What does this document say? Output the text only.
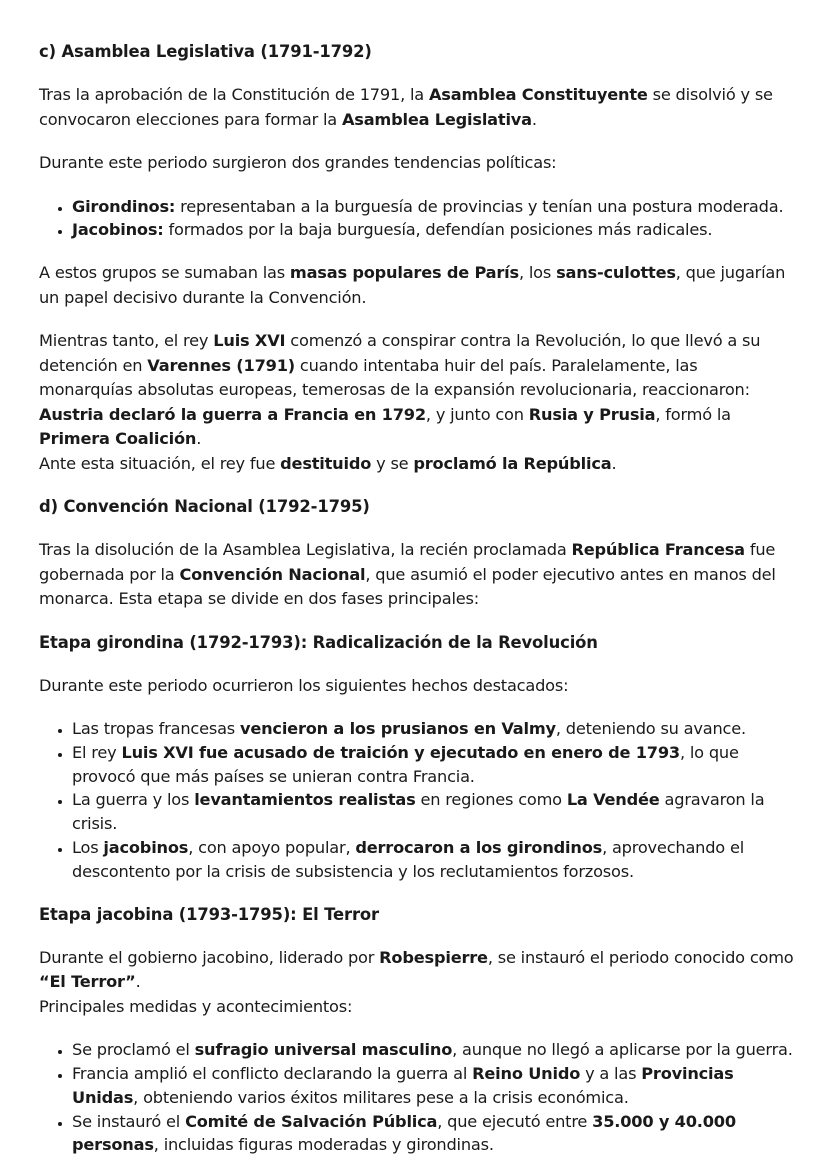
c) Asamblea Legislativa (1791-1792)

Tras la aprobación de la Constitución de 1791, la Asamblea Constituyente se disolvió y se convocaron elecciones para formar la Asamblea Legislativa.

Durante este periodo surgieron dos grandes tendencias políticas:

• Girondinos: representaban a la burguesía de provincias y tenían una postura moderada.
• Jacobinos: formados por la baja burguesía, defendían posiciones más radicales.

A estos grupos se sumaban las masas populares de París, los sans-culottes, que jugarían un papel decisivo durante la Convención.

Mientras tanto, el rey Luis XVI comenzó a conspirar contra la Revolución, lo que llevó a su detención en Varennes (1791) cuando intentaba huir del país. Paralelamente, las monarquías absolutas europeas, temerosas de la expansión revolucionaria, reaccionaron: Austria declaró la guerra a Francia en 1792, y junto con Rusia y Prusia, formó la Primera Coalición.
Ante esta situación, el rey fue destituido y se proclamó la República.

d) Convención Nacional (1792-1795)

Tras la disolución de la Asamblea Legislativa, la recién proclamada República Francesa fue gobernada por la Convención Nacional, que asumió el poder ejecutivo antes en manos del monarca. Esta etapa se divide en dos fases principales:

Etapa girondina (1792-1793): Radicalización de la Revolución

Durante este periodo ocurrieron los siguientes hechos destacados:

• Las tropas francesas vencieron a los prusianos en Valmy, deteniendo su avance.
• El rey Luis XVI fue acusado de traición y ejecutado en enero de 1793, lo que provocó que más países se unieran contra Francia.
• La guerra y los levantamientos realistas en regiones como La Vendée agravaron la crisis.
• Los jacobinos, con apoyo popular, derrocaron a los girondinos, aprovechando el descontento por la crisis de subsistencia y los reclutamientos forzosos.
Etapa jacobina (1793-1795): El Terror

Durante el gobierno jacobino, liderado por Robespierre, se instauró el periodo conocido como “El Terror”.
Principales medidas y acontecimientos:

• Se proclamó el sufragio universal masculino, aunque no llegó a aplicarse por la guerra.
• Francia amplió el conflicto declarando la guerra al Reino Unido y a las Provincias Unidas, obteniendo varios éxitos militares pese a la crisis económica.
• Se instauró el Comité de Salvación Pública, que ejecutó entre 35.000 y 40.000 personas, incluidas figuras moderadas y girondinas.
